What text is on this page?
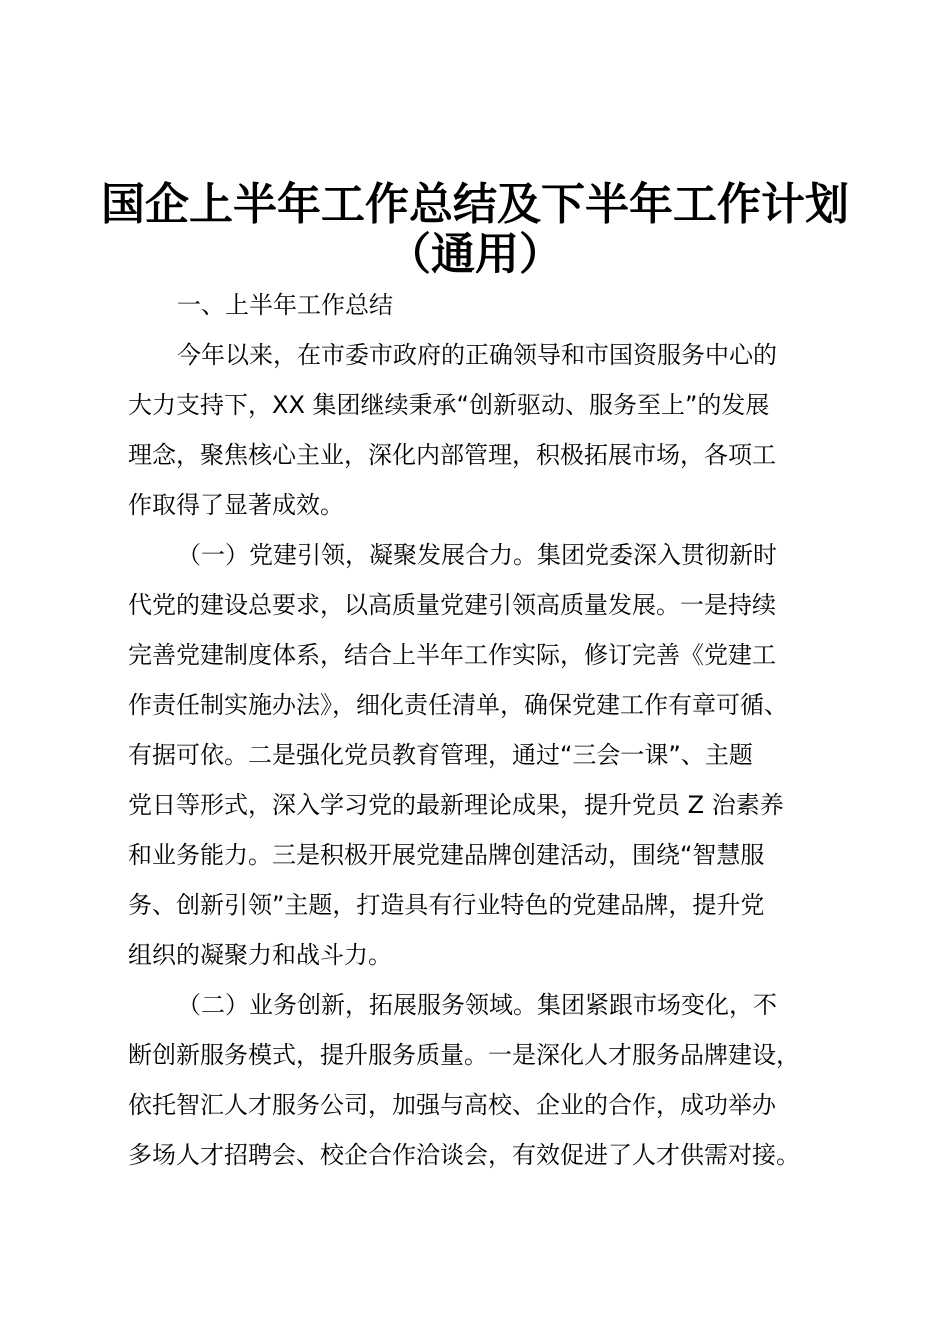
国企上半年工作总结及下半年工作计划
（通用）
一、上半年工作总结
今年以来，在市委市政府的正确领导和市国资服务中心的
大力支持下，XX 集团继续秉承“创新驱动、服务至上”的发展
理念，聚焦核心主业，深化内部管理，积极拓展市场，各项工
作取得了显著成效。
（一）党建引领，凝聚发展合力。集团党委深入贯彻新时
代党的建设总要求，以高质量党建引领高质量发展。一是持续
完善党建制度体系，结合上半年工作实际，修订完善《党建工
作责任制实施办法》，细化责任清单，确保党建工作有章可循、
有据可依。二是强化党员教育管理，通过“三会一课”、主题
党日等形式，深入学习党的最新理论成果，提升党员 Z 治素养
和业务能力。三是积极开展党建品牌创建活动，围绕“智慧服
务、创新引领”主题，打造具有行业特色的党建品牌，提升党
组织的凝聚力和战斗力。
（二）业务创新，拓展服务领域。集团紧跟市场变化，不
断创新服务模式，提升服务质量。一是深化人才服务品牌建设，
依托智汇人才服务公司，加强与高校、企业的合作，成功举办
多场人才招聘会、校企合作洽谈会，有效促进了人才供需对接。
